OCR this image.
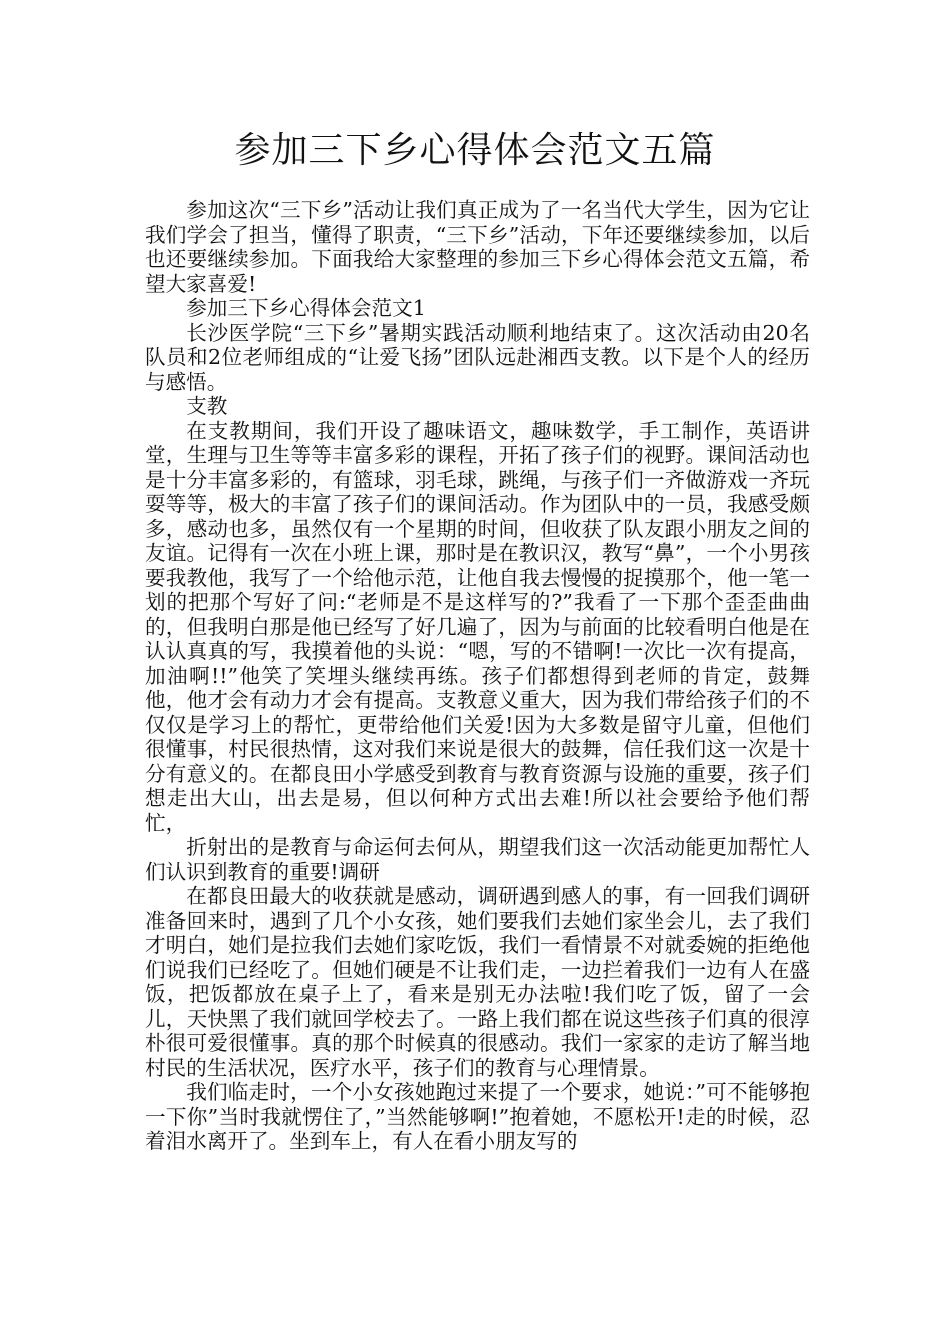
参加三下乡心得体会范文五篇

参加这次“三下乡”活动让我们真正成为了一名当代大学生，因为它让我们学会了担当，懂得了职责，“三下乡”活动，下年还要继续参加，以后也还要继续参加。下面我给大家整理的参加三下乡心得体会范文五篇，希望大家喜爱!

参加三下乡心得体会范文1

长沙医学院“三下乡”暑期实践活动顺利地结束了。这次活动由20名队员和2位老师组成的“让爱飞扬”团队远赴湘西支教。以下是个人的经历与感悟。

支教

在支教期间，我们开设了趣味语文，趣味数学，手工制作，英语讲堂，生理与卫生等等丰富多彩的课程，开拓了孩子们的视野。课间活动也是十分丰富多彩的，有篮球，羽毛球，跳绳，与孩子们一齐做游戏一齐玩耍等等，极大的丰富了孩子们的课间活动。作为团队中的一员，我感受颇多，感动也多，虽然仅有一个星期的时间，但收获了队友跟小朋友之间的友谊。记得有一次在小班上课，那时是在教识汉，教写“鼻”，一个小男孩要我教他，我写了一个给他示范，让他自我去慢慢的捉摸那个，他一笔一划的把那个写好了问:“老师是不是这样写的?”我看了一下那个歪歪曲曲的，但我明白那是他已经写了好几遍了，因为与前面的比较看明白他是在认认真真的写，我摸着他的头说：“嗯，写的不错啊!一次比一次有提高，加油啊!!”他笑了笑埋头继续再练。孩子们都想得到老师的肯定，鼓舞他，他才会有动力才会有提高。支教意义重大，因为我们带给孩子们的不仅仅是学习上的帮忙，更带给他们关爱!因为大多数是留守儿童，但他们很懂事，村民很热情，这对我们来说是很大的鼓舞，信任我们这一次是十分有意义的。在都良田小学感受到教育与教育资源与设施的重要，孩子们想走出大山，出去是易，但以何种方式出去难!所以社会要给予他们帮忙，

折射出的是教育与命运何去何从，期望我们这一次活动能更加帮忙人们认识到教育的重要!调研

在都良田最大的收获就是感动，调研遇到感人的事，有一回我们调研准备回来时，遇到了几个小女孩，她们要我们去她们家坐会儿，去了我们才明白，她们是拉我们去她们家吃饭，我们一看情景不对就委婉的拒绝他们说我们已经吃了。但她们硬是不让我们走，一边拦着我们一边有人在盛饭，把饭都放在桌子上了，看来是别无办法啦!我们吃了饭，留了一会儿，天快黑了我们就回学校去了。一路上我们都在说这些孩子们真的很淳朴很可爱很懂事。真的那个时候真的很感动。我们一家家的走访了解当地村民的生活状况，医疗水平，孩子们的教育与心理情景。

我们临走时，一个小女孩她跑过来提了一个要求，她说：”可不能够抱一下你”当时我就愣住了，”当然能够啊!”抱着她，不愿松开!走的时候，忍着泪水离开了。坐到车上，有人在看小朋友写的
